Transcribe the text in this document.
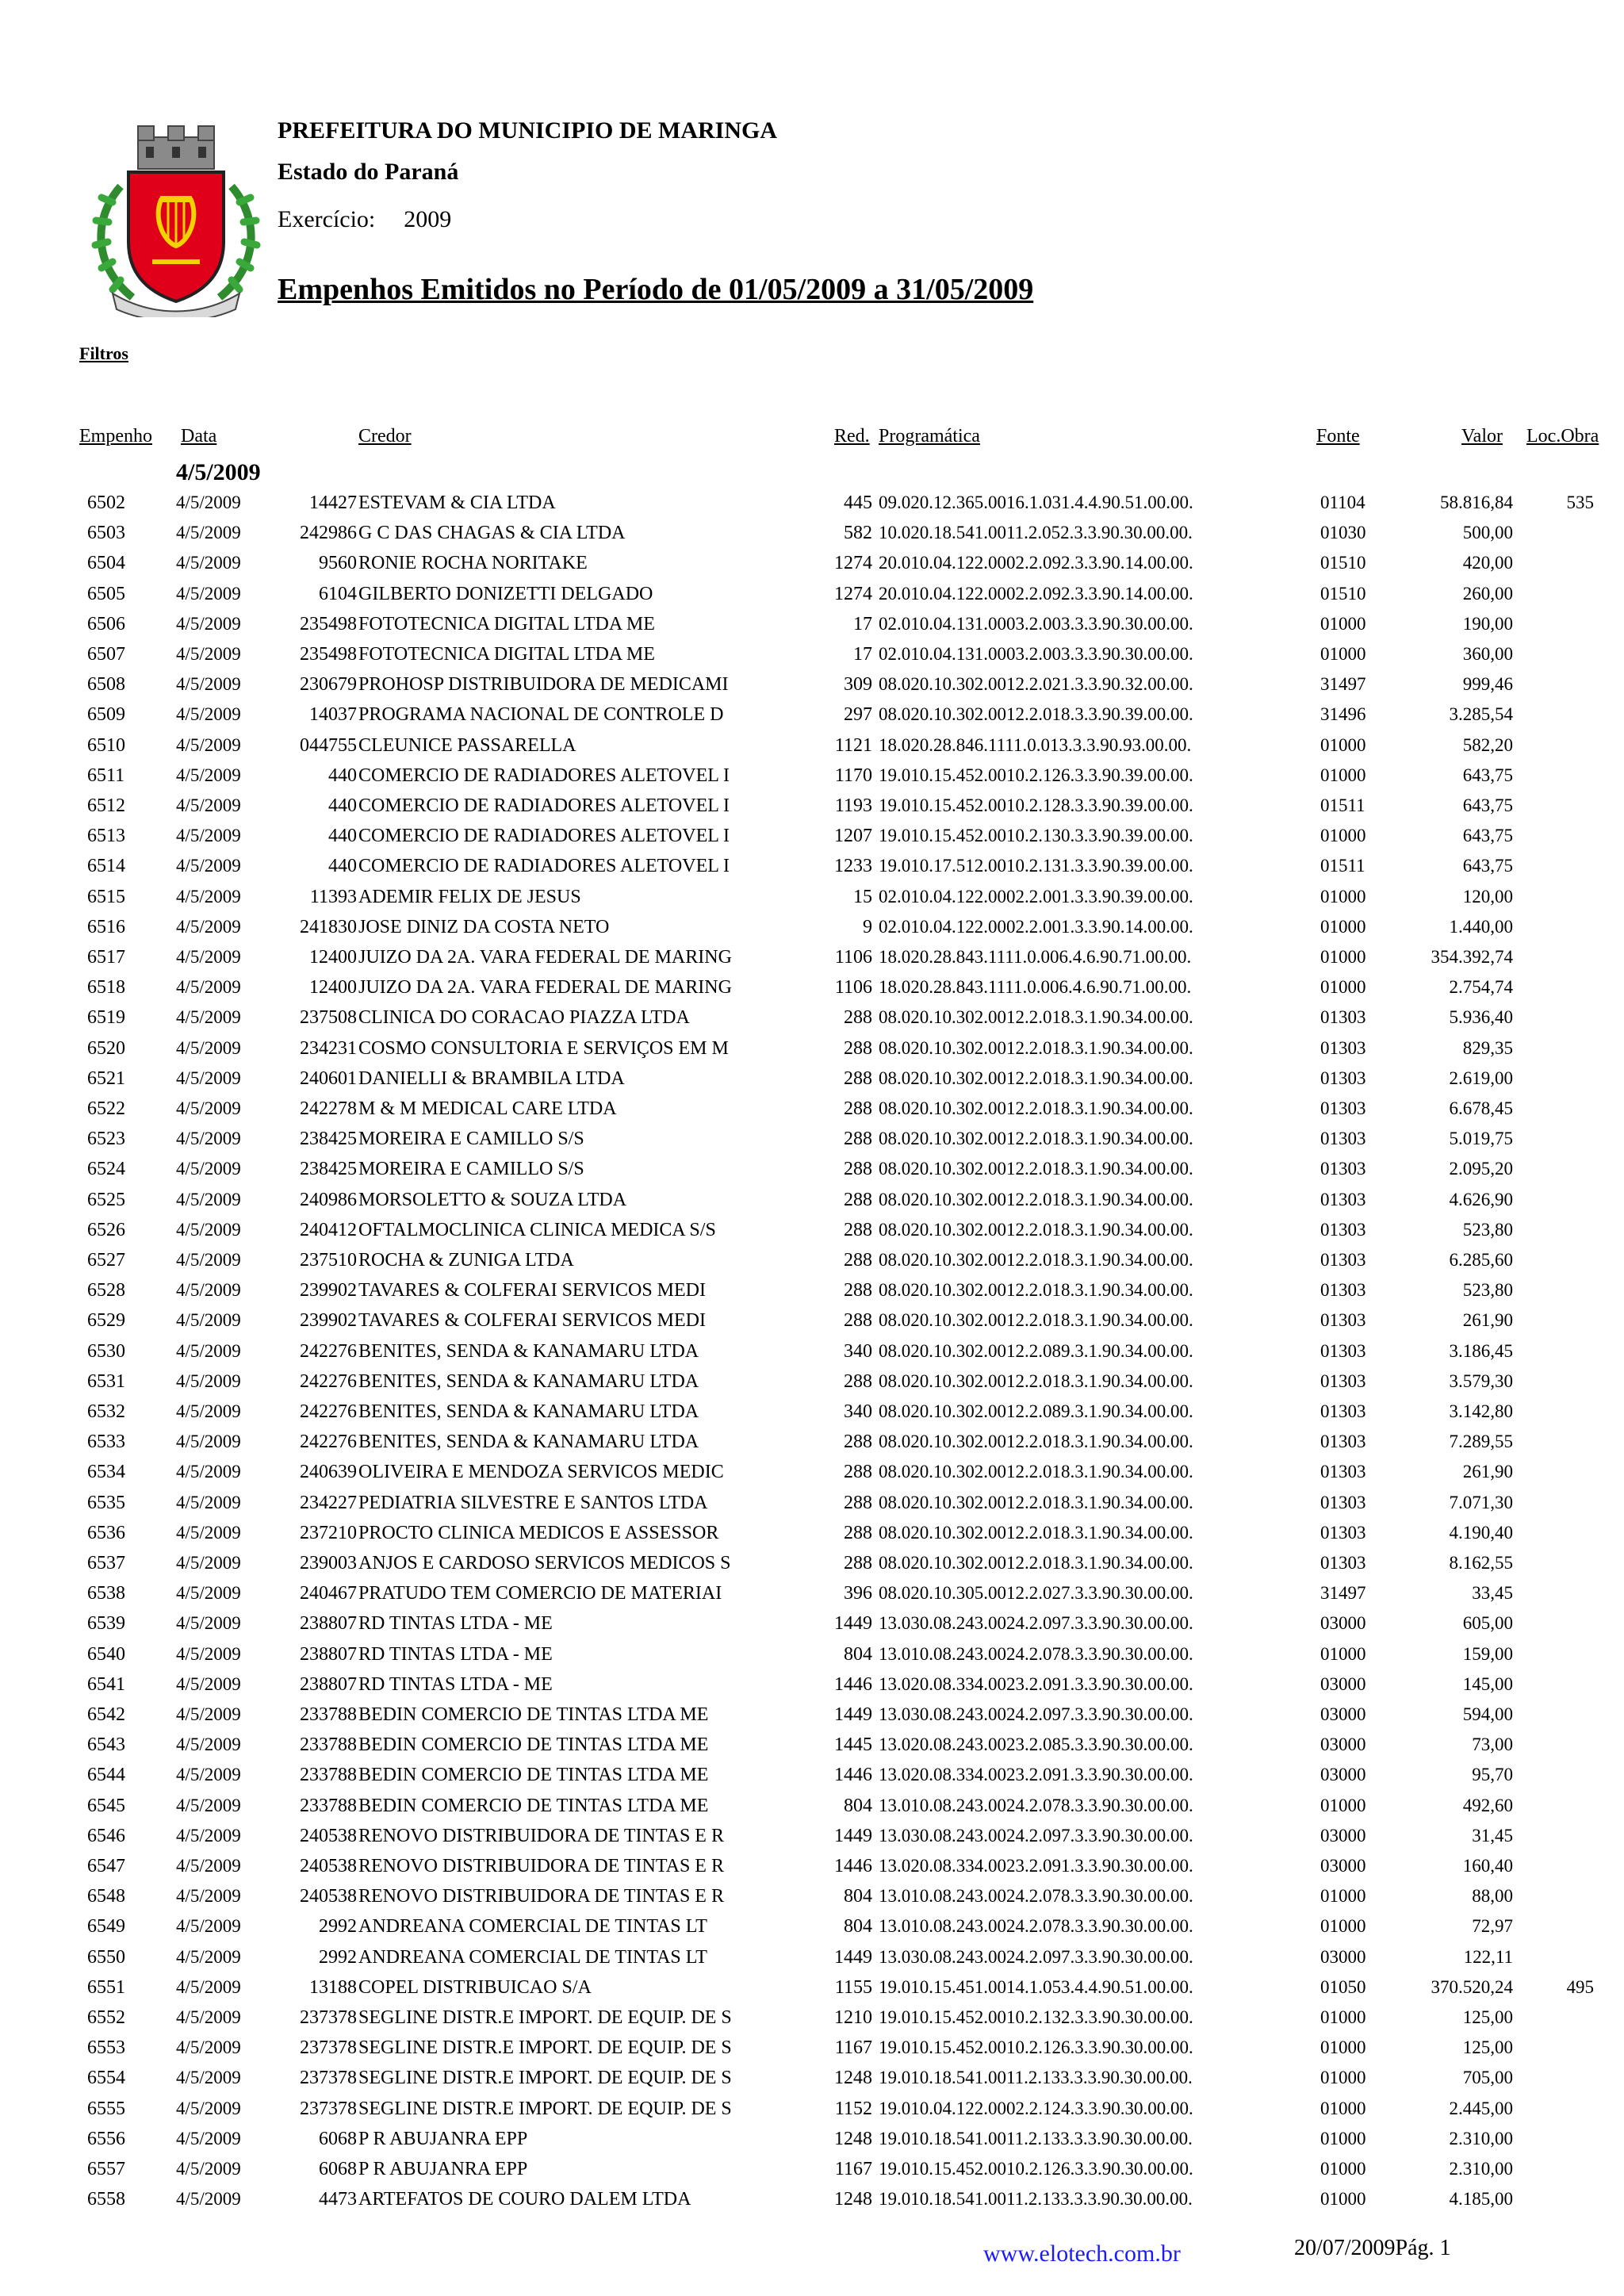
PREFEITURA DO MUNICIPIO DE MARINGA
Estado do Paraná
Exercício: 2009
Empenhos Emitidos no Período de 01/05/2009 a 31/05/2009
Filtros
Empenho Data	Credor	Red. Programática	Fonte	Valor Loc.Obra
4/5/2009
6502	4/5/2009	14427 ESTEVAM & CIA LTDA	445 09.020.12.365.0016.1.031.4.4.90.51.00.00.	01104	58.816,84	535
6503	4/5/2009	242986 G C DAS CHAGAS & CIA LTDA	582 10.020.18.541.0011.2.052.3.3.90.30.00.00.	01030	500,00
6504	4/5/2009	9560 RONIE ROCHA NORITAKE	1274 20.010.04.122.0002.2.092.3.3.90.14.00.00.	01510	420,00
6505	4/5/2009	6104 GILBERTO DONIZETTI DELGADO	1274 20.010.04.122.0002.2.092.3.3.90.14.00.00.	01510	260,00
6506	4/5/2009	235498 FOTOTECNICA DIGITAL LTDA ME	17 02.010.04.131.0003.2.003.3.3.90.30.00.00.	01000	190,00
6507	4/5/2009	235498 FOTOTECNICA DIGITAL LTDA ME	17 02.010.04.131.0003.2.003.3.3.90.30.00.00.	01000	360,00
6508	4/5/2009	230679 PROHOSP DISTRIBUIDORA DE MEDICAMI	309 08.020.10.302.0012.2.021.3.3.90.32.00.00.	31497	999,46
6509	4/5/2009	14037 PROGRAMA NACIONAL DE CONTROLE D	297 08.020.10.302.0012.2.018.3.3.90.39.00.00.	31496	3.285,54
6510	4/5/2009	044755 CLEUNICE PASSARELLA	1121 18.020.28.846.1111.0.013.3.3.90.93.00.00.	01000	582,20
6511	4/5/2009	440 COMERCIO DE RADIADORES ALETOVEL I	1170 19.010.15.452.0010.2.126.3.3.90.39.00.00.	01000	643,75
6512	4/5/2009	440 COMERCIO DE RADIADORES ALETOVEL I	1193 19.010.15.452.0010.2.128.3.3.90.39.00.00.	01511	643,75
6513	4/5/2009	440 COMERCIO DE RADIADORES ALETOVEL I	1207 19.010.15.452.0010.2.130.3.3.90.39.00.00.	01000	643,75
6514	4/5/2009	440 COMERCIO DE RADIADORES ALETOVEL I	1233 19.010.17.512.0010.2.131.3.3.90.39.00.00.	01511	643,75
6515	4/5/2009	11393 ADEMIR FELIX DE JESUS	15 02.010.04.122.0002.2.001.3.3.90.39.00.00.	01000	120,00
6516	4/5/2009	241830 JOSE DINIZ DA COSTA NETO	9 02.010.04.122.0002.2.001.3.3.90.14.00.00.	01000	1.440,00
6517	4/5/2009	12400 JUIZO DA 2A. VARA FEDERAL DE MARING	1106 18.020.28.843.1111.0.006.4.6.90.71.00.00.	01000	354.392,74
6518	4/5/2009	12400 JUIZO DA 2A. VARA FEDERAL DE MARING	1106 18.020.28.843.1111.0.006.4.6.90.71.00.00.	01000	2.754,74
6519	4/5/2009	237508 CLINICA DO CORACAO PIAZZA LTDA	288 08.020.10.302.0012.2.018.3.1.90.34.00.00.	01303	5.936,40
6520	4/5/2009	234231 COSMO CONSULTORIA E SERVIÇOS EM M	288 08.020.10.302.0012.2.018.3.1.90.34.00.00.	01303	829,35
6521	4/5/2009	240601 DANIELLI & BRAMBILA LTDA	288 08.020.10.302.0012.2.018.3.1.90.34.00.00.	01303	2.619,00
6522	4/5/2009	242278 M & M MEDICAL CARE LTDA	288 08.020.10.302.0012.2.018.3.1.90.34.00.00.	01303	6.678,45
6523	4/5/2009	238425 MOREIRA E CAMILLO S/S	288 08.020.10.302.0012.2.018.3.1.90.34.00.00.	01303	5.019,75
6524	4/5/2009	238425 MOREIRA E CAMILLO S/S	288 08.020.10.302.0012.2.018.3.1.90.34.00.00.	01303	2.095,20
6525	4/5/2009	240986 MORSOLETTO & SOUZA LTDA	288 08.020.10.302.0012.2.018.3.1.90.34.00.00.	01303	4.626,90
6526	4/5/2009	240412 OFTALMOCLINICA CLINICA MEDICA S/S	288 08.020.10.302.0012.2.018.3.1.90.34.00.00.	01303	523,80
6527	4/5/2009	237510 ROCHA & ZUNIGA LTDA	288 08.020.10.302.0012.2.018.3.1.90.34.00.00.	01303	6.285,60
6528	4/5/2009	239902 TAVARES & COLFERAI SERVICOS MEDI	288 08.020.10.302.0012.2.018.3.1.90.34.00.00.	01303	523,80
6529	4/5/2009	239902 TAVARES & COLFERAI SERVICOS MEDI	288 08.020.10.302.0012.2.018.3.1.90.34.00.00.	01303	261,90
6530	4/5/2009	242276 BENITES, SENDA & KANAMARU LTDA	340 08.020.10.302.0012.2.089.3.1.90.34.00.00.	01303	3.186,45
6531	4/5/2009	242276 BENITES, SENDA & KANAMARU LTDA	288 08.020.10.302.0012.2.018.3.1.90.34.00.00.	01303	3.579,30
6532	4/5/2009	242276 BENITES, SENDA & KANAMARU LTDA	340 08.020.10.302.0012.2.089.3.1.90.34.00.00.	01303	3.142,80
6533	4/5/2009	242276 BENITES, SENDA & KANAMARU LTDA	288 08.020.10.302.0012.2.018.3.1.90.34.00.00.	01303	7.289,55
6534	4/5/2009	240639 OLIVEIRA E MENDOZA SERVICOS MEDIC	288 08.020.10.302.0012.2.018.3.1.90.34.00.00.	01303	261,90
6535	4/5/2009	234227 PEDIATRIA SILVESTRE E SANTOS LTDA	288 08.020.10.302.0012.2.018.3.1.90.34.00.00.	01303	7.071,30
6536	4/5/2009	237210 PROCTO CLINICA MEDICOS E ASSESSOR	288 08.020.10.302.0012.2.018.3.1.90.34.00.00.	01303	4.190,40
6537	4/5/2009	239003 ANJOS E CARDOSO SERVICOS MEDICOS S	288 08.020.10.302.0012.2.018.3.1.90.34.00.00.	01303	8.162,55
6538	4/5/2009	240467 PRATUDO TEM COMERCIO DE MATERIAI	396 08.020.10.305.0012.2.027.3.3.90.30.00.00.	31497	33,45
6539	4/5/2009	238807 RD TINTAS LTDA - ME	1449 13.030.08.243.0024.2.097.3.3.90.30.00.00.	03000	605,00
6540	4/5/2009	238807 RD TINTAS LTDA - ME	804 13.010.08.243.0024.2.078.3.3.90.30.00.00.	01000	159,00
6541	4/5/2009	238807 RD TINTAS LTDA - ME	1446 13.020.08.334.0023.2.091.3.3.90.30.00.00.	03000	145,00
6542	4/5/2009	233788 BEDIN COMERCIO DE TINTAS LTDA ME	1449 13.030.08.243.0024.2.097.3.3.90.30.00.00.	03000	594,00
6543	4/5/2009	233788 BEDIN COMERCIO DE TINTAS LTDA ME	1445 13.020.08.243.0023.2.085.3.3.90.30.00.00.	03000	73,00
6544	4/5/2009	233788 BEDIN COMERCIO DE TINTAS LTDA ME	1446 13.020.08.334.0023.2.091.3.3.90.30.00.00.	03000	95,70
6545	4/5/2009	233788 BEDIN COMERCIO DE TINTAS LTDA ME	804 13.010.08.243.0024.2.078.3.3.90.30.00.00.	01000	492,60
6546	4/5/2009	240538 RENOVO DISTRIBUIDORA DE TINTAS E R	1449 13.030.08.243.0024.2.097.3.3.90.30.00.00.	03000	31,45
6547	4/5/2009	240538 RENOVO DISTRIBUIDORA DE TINTAS E R	1446 13.020.08.334.0023.2.091.3.3.90.30.00.00.	03000	160,40
6548	4/5/2009	240538 RENOVO DISTRIBUIDORA DE TINTAS E R	804 13.010.08.243.0024.2.078.3.3.90.30.00.00.	01000	88,00
6549	4/5/2009	2992 ANDREANA COMERCIAL DE TINTAS LT	804 13.010.08.243.0024.2.078.3.3.90.30.00.00.	01000	72,97
6550	4/5/2009	2992 ANDREANA COMERCIAL DE TINTAS LT	1449 13.030.08.243.0024.2.097.3.3.90.30.00.00.	03000	122,11
6551	4/5/2009	13188 COPEL DISTRIBUICAO S/A	1155 19.010.15.451.0014.1.053.4.4.90.51.00.00.	01050	370.520,24	495
6552	4/5/2009	237378 SEGLINE DISTR.E IMPORT. DE EQUIP. DE S	1210 19.010.15.452.0010.2.132.3.3.90.30.00.00.	01000	125,00
6553	4/5/2009	237378 SEGLINE DISTR.E IMPORT. DE EQUIP. DE S	1167 19.010.15.452.0010.2.126.3.3.90.30.00.00.	01000	125,00
6554	4/5/2009	237378 SEGLINE DISTR.E IMPORT. DE EQUIP. DE S	1248 19.010.18.541.0011.2.133.3.3.90.30.00.00.	01000	705,00
6555	4/5/2009	237378 SEGLINE DISTR.E IMPORT. DE EQUIP. DE S	1152 19.010.04.122.0002.2.124.3.3.90.30.00.00.	01000	2.445,00
6556	4/5/2009	6068 P R ABUJANRA EPP	1248 19.010.18.541.0011.2.133.3.3.90.30.00.00.	01000	2.310,00
6557	4/5/2009	6068 P R ABUJANRA EPP	1167 19.010.15.452.0010.2.126.3.3.90.30.00.00.	01000	2.310,00
6558	4/5/2009	4473 ARTEFATOS DE COURO DALEM LTDA	1248 19.010.18.541.0011.2.133.3.3.90.30.00.00.	01000	4.185,00
www.elotech.com.br	20/07/2009Pág. 1
